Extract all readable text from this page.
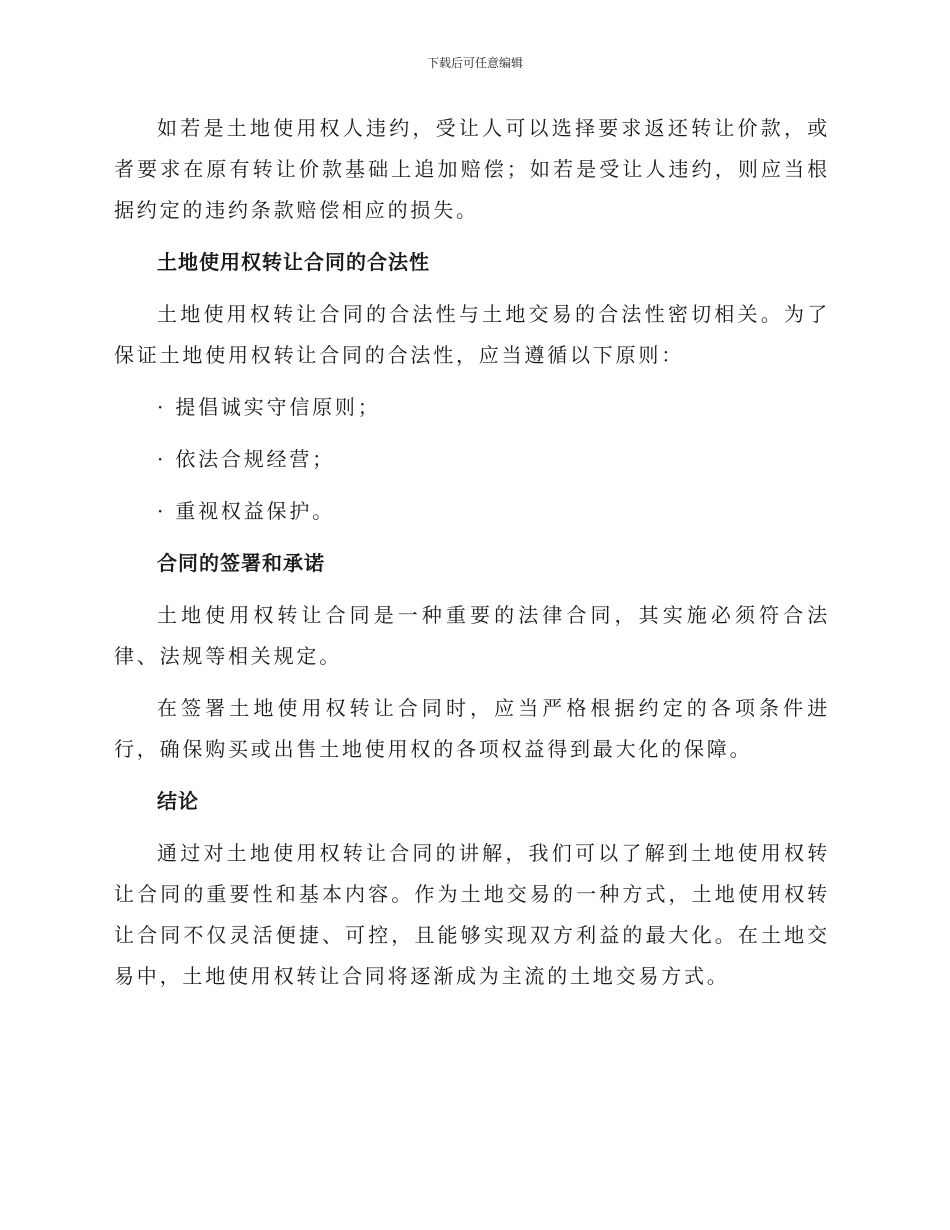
下载后可任意编辑

如若是土地使用权人违约，受让人可以选择要求返还转让价款，或者要求在原有转让价款基础上追加赔偿；如若是受让人违约，则应当根据约定的违约条款赔偿相应的损失。

土地使用权转让合同的合法性

土地使用权转让合同的合法性与土地交易的合法性密切相关。为了保证土地使用权转让合同的合法性，应当遵循以下原则：

· 提倡诚实守信原则；
· 依法合规经营；
· 重视权益保护。
合同的签署和承诺

土地使用权转让合同是一种重要的法律合同，其实施必须符合法律、法规等相关规定。

在签署土地使用权转让合同时，应当严格根据约定的各项条件进行，确保购买或出售土地使用权的各项权益得到最大化的保障。

结论

通过对土地使用权转让合同的讲解，我们可以了解到土地使用权转让合同的重要性和基本内容。作为土地交易的一种方式，土地使用权转让合同不仅灵活便捷、可控，且能够实现双方利益的最大化。在土地交易中，土地使用权转让合同将逐渐成为主流的土地交易方式。
